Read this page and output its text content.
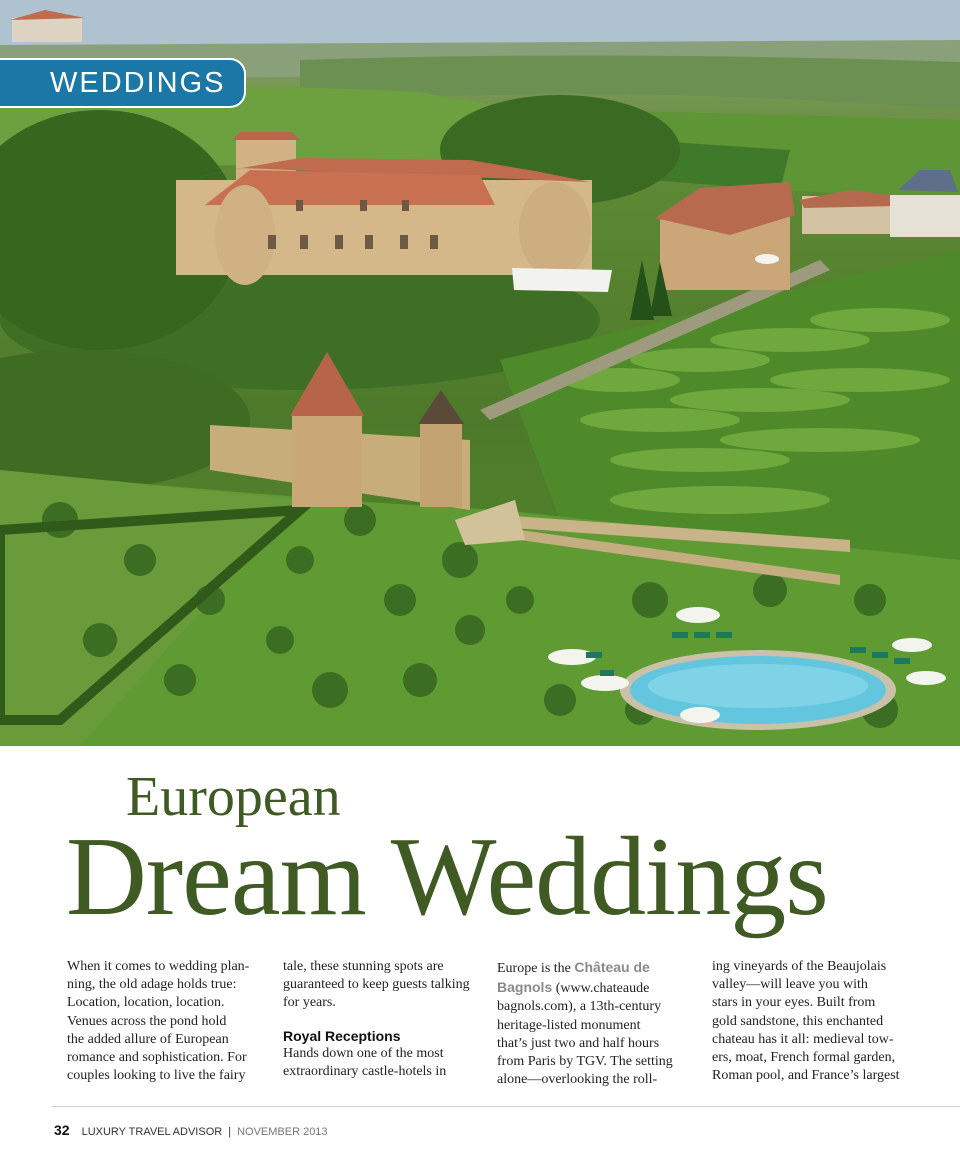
WEDDINGS
European
Dream Weddings
When it comes to wedding plan-
ning, the old adage holds true:
Location, location, location.
Venues across the pond hold
the added allure of European
romance and sophistication. For
couples looking to live the fairy
tale, these stunning spots are
guaranteed to keep guests talking
for years.
Royal Receptions
Hands down one of the most
extraordinary castle-hotels in
Europe is the Château de
Bagnols (www.chateaude
bagnols.com), a 13th-century
heritage-listed monument
that’s just two and half hours
from Paris by TGV. The setting
alone—overlooking the roll-
ing vineyards of the Beaujolais
valley—will leave you with
stars in your eyes. Built from
gold sandstone, this enchanted
chateau has it all: medieval tow-
ers, moat, French formal garden,
Roman pool, and France’s largest
32 LUXURY TRAVEL ADVISOR | NOVEMBER 2013
